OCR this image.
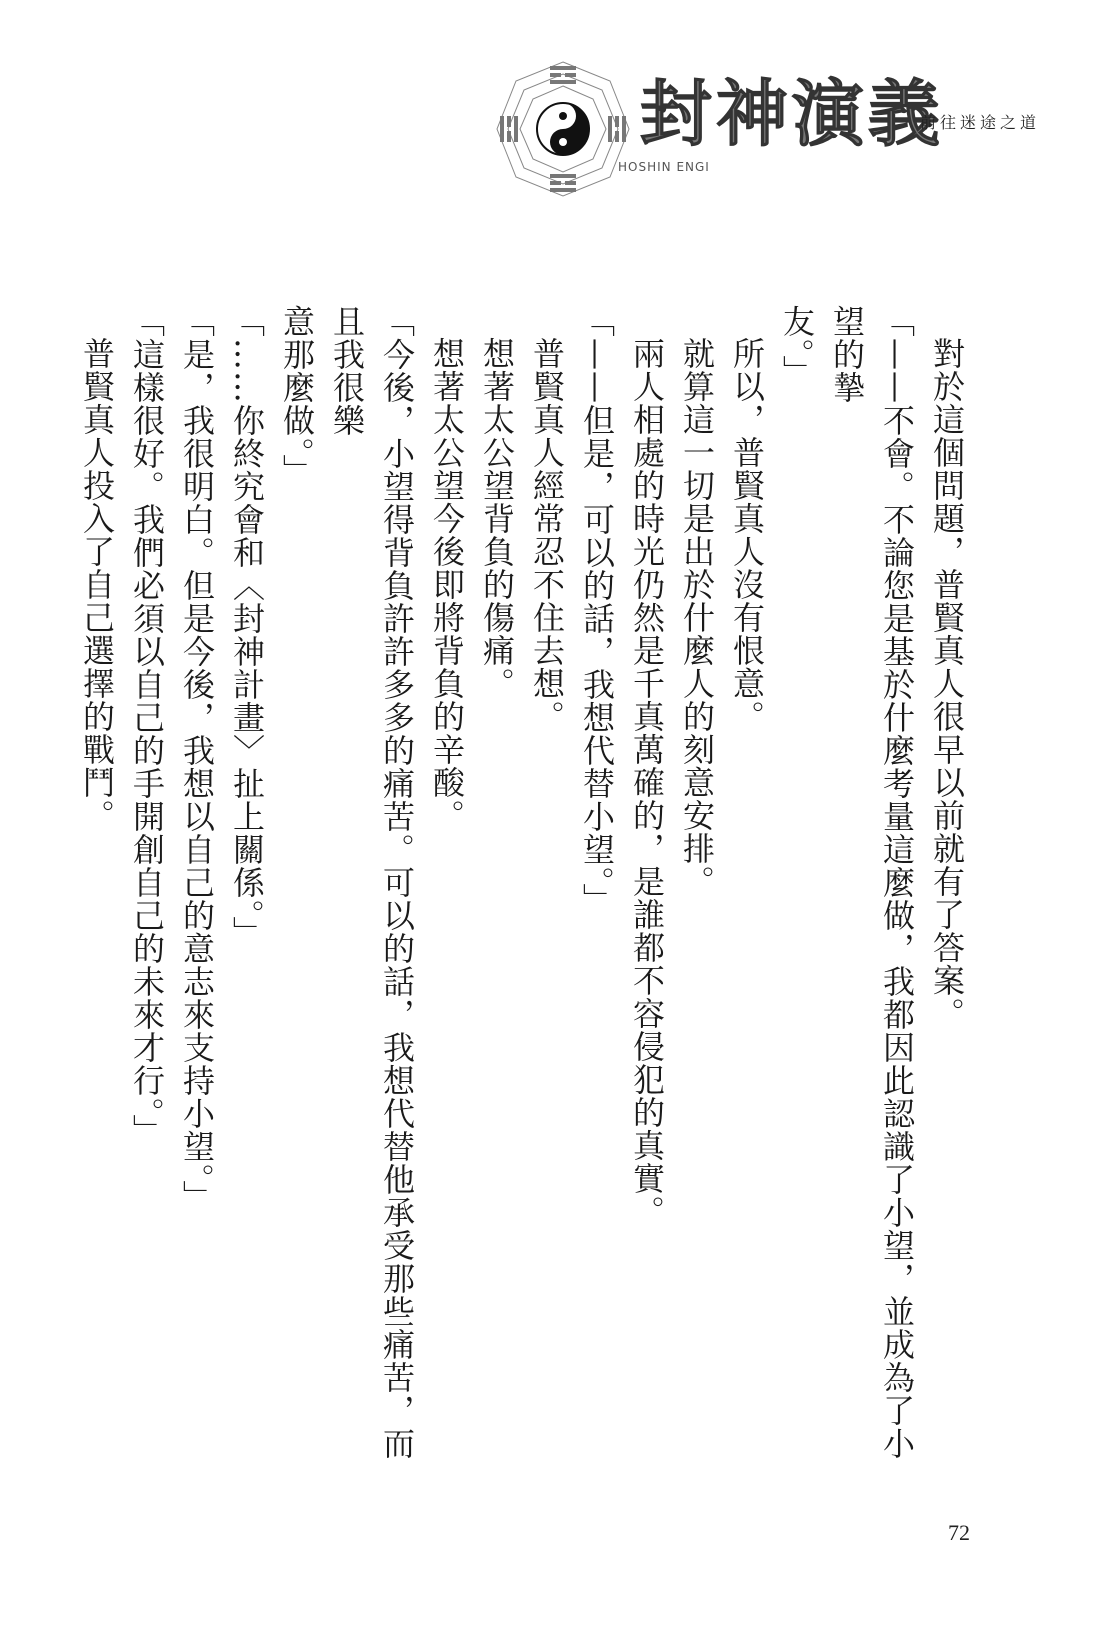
封神演義
HOSHIN ENGI
前往迷途之道

對於這個問題，普賢真人很早以前就有了答案。

「——不會。不論您是基於什麼考量這麼做，我都因此認識了小望，並成為了小望的摯

友。」

所以，普賢真人沒有恨意。

就算這一切是出於什麼人的刻意安排。

兩人相處的時光仍然是千真萬確的，是誰都不容侵犯的真實。

「——但是，可以的話，我想代替小望。」

普賢真人經常忍不住去想。

想著太公望背負的傷痛。

想著太公望今後即將背負的辛酸。

「今後，小望得背負許許多多的痛苦。可以的話，我想代替他承受那些痛苦，而且我很樂

意那麼做。」

「……你終究會和〈封神計畫〉扯上關係。」

「是，我很明白。但是今後，我想以自己的意志來支持小望。」

「這樣很好。我們必須以自己的手開創自己的未來才行。」

普賢真人投入了自己選擇的戰鬥。

72
